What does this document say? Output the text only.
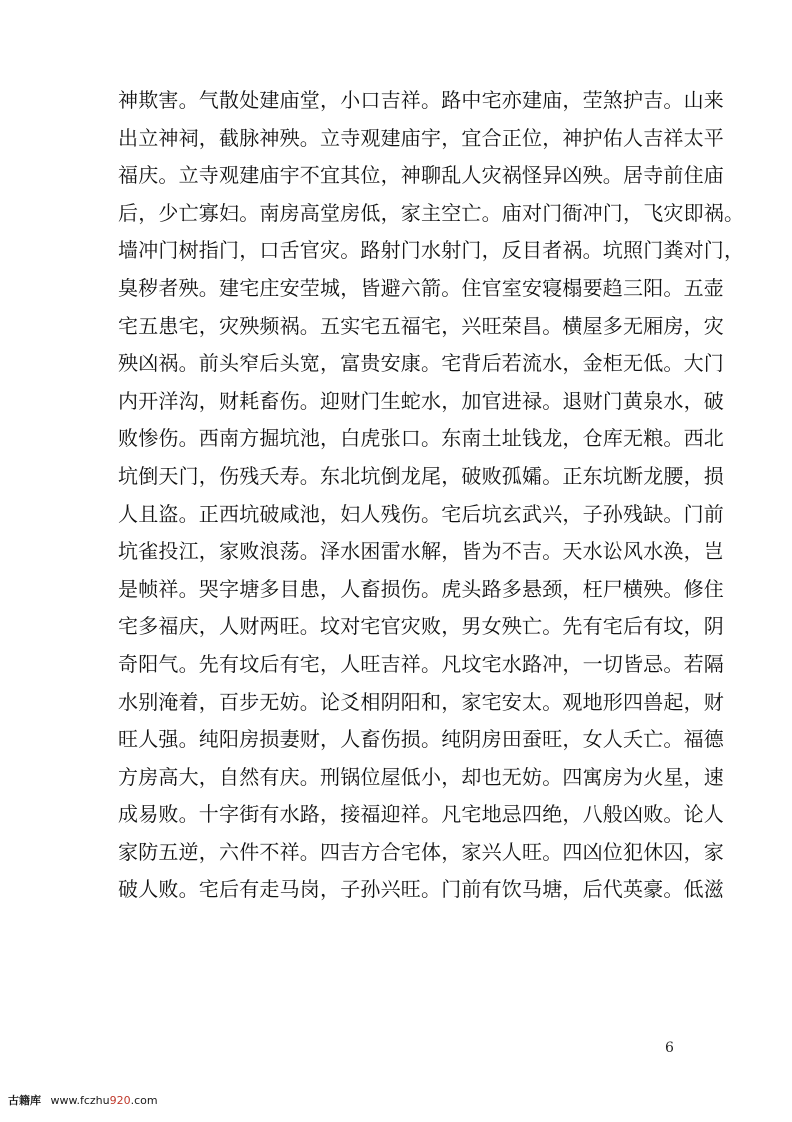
神欺害。气散处建庙堂，小口吉祥。路中宅亦建庙，茔煞护吉。山来
出立神祠，截脉神殃。立寺观建庙宇，宜合正位，神护佑人吉祥太平
福庆。立寺观建庙宇不宜其位，神聊乱人灾祸怪异凶殃。居寺前住庙
后，少亡寡妇。南房高堂房低，家主空亡。庙对门衙冲门，飞灾即祸。
墙冲门树指门，口舌官灾。路射门水射门，反目者祸。坑照门粪对门，
臭秽者殃。建宅庄安茔城，皆避六箭。住官室安寝榻要趋三阳。五壶
宅五患宅，灾殃频祸。五实宅五福宅，兴旺荣昌。横屋多无厢房，灾
殃凶祸。前头窄后头宽，富贵安康。宅背后若流水，金柜无低。大门
内开洋沟，财耗畜伤。迎财门生蛇水，加官进禄。退财门黄泉水，破
败惨伤。西南方掘坑池，白虎张口。东南土址钱龙，仓库无粮。西北
坑倒天门，伤残夭寿。东北坑倒龙尾，破败孤孀。正东坑断龙腰，损
人且盗。正西坑破咸池，妇人残伤。宅后坑玄武兴，子孙残缺。门前
坑雀投江，家败浪荡。泽水困雷水解，皆为不吉。天水讼风水涣，岂
是帧祥。哭字塘多目患，人畜损伤。虎头路多悬颈，枉尸横殃。修住
宅多福庆，人财两旺。坟对宅官灾败，男女殃亡。先有宅后有坟，阴
奇阳气。先有坟后有宅，人旺吉祥。凡坟宅水路冲，一切皆忌。若隔
水别淹着，百步无妨。论爻相阴阳和，家宅安太。观地形四兽起，财
旺人强。纯阳房损妻财，人畜伤损。纯阴房田蚕旺，女人夭亡。福德
方房高大，自然有庆。刑锅位屋低小，却也无妨。四寓房为火星，速
成易败。十字街有水路，接福迎祥。凡宅地忌四绝，八般凶败。论人
家防五逆，六件不祥。四吉方合宅体，家兴人旺。四凶位犯休囚，家
破人败。宅后有走马岗，子孙兴旺。门前有饮马塘，后代英豪。低滋
6
古籍库 www.fczhu920.com
